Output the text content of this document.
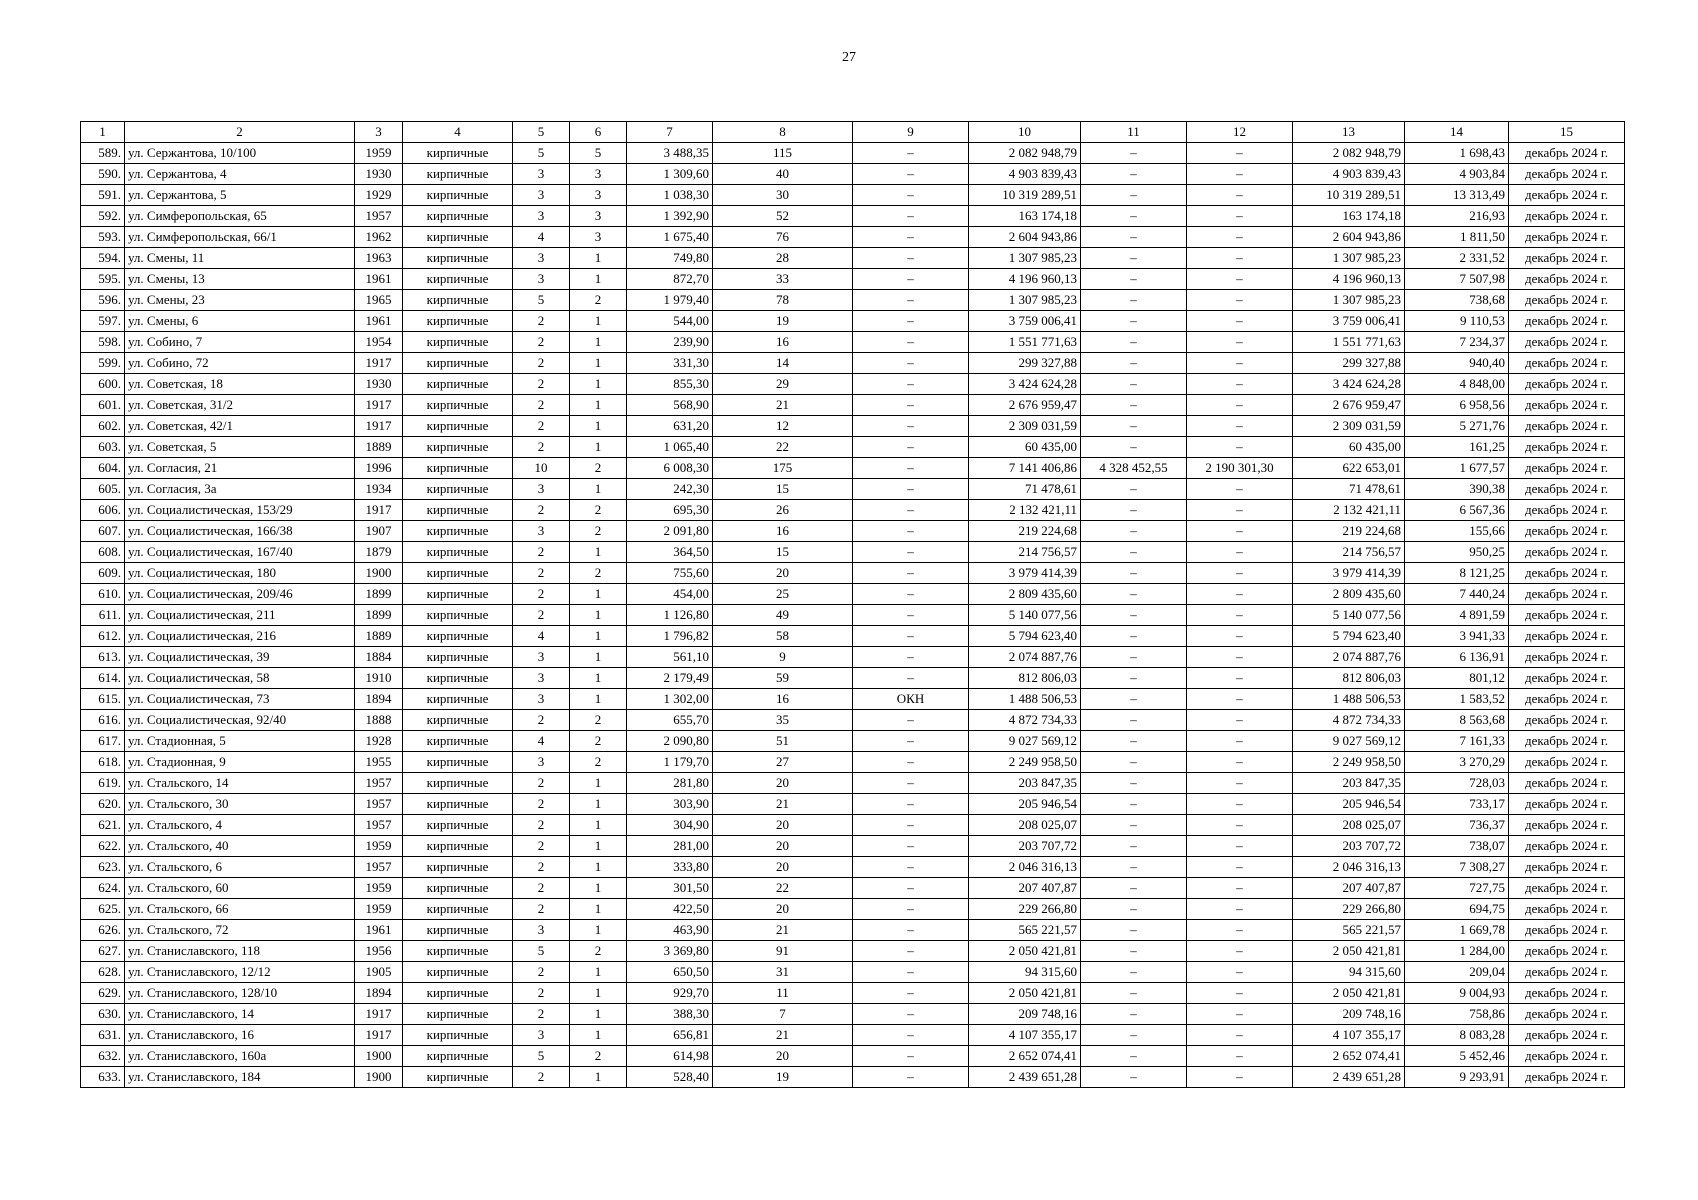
27
1	2	3	4	5	6	7	8	9	10	11	12	13	14	15
589.	ул. Сержантова, 10/100	1959	кирпичные	5	5	3 488,35	115	–	2 082 948,79	–	–	2 082 948,79	1 698,43	декабрь 2024 г.
590.	ул. Сержантова, 4	1930	кирпичные	3	3	1 309,60	40	–	4 903 839,43	–	–	4 903 839,43	4 903,84	декабрь 2024 г.
591.	ул. Сержантова, 5	1929	кирпичные	3	3	1 038,30	30	–	10 319 289,51	–	–	10 319 289,51	13 313,49	декабрь 2024 г.
592.	ул. Симферопольская, 65	1957	кирпичные	3	3	1 392,90	52	–	163 174,18	–	–	163 174,18	216,93	декабрь 2024 г.
593.	ул. Симферопольская, 66/1	1962	кирпичные	4	3	1 675,40	76	–	2 604 943,86	–	–	2 604 943,86	1 811,50	декабрь 2024 г.
594.	ул. Смены, 11	1963	кирпичные	3	1	749,80	28	–	1 307 985,23	–	–	1 307 985,23	2 331,52	декабрь 2024 г.
595.	ул. Смены, 13	1961	кирпичные	3	1	872,70	33	–	4 196 960,13	–	–	4 196 960,13	7 507,98	декабрь 2024 г.
596.	ул. Смены, 23	1965	кирпичные	5	2	1 979,40	78	–	1 307 985,23	–	–	1 307 985,23	738,68	декабрь 2024 г.
597.	ул. Смены, 6	1961	кирпичные	2	1	544,00	19	–	3 759 006,41	–	–	3 759 006,41	9 110,53	декабрь 2024 г.
598.	ул. Собино, 7	1954	кирпичные	2	1	239,90	16	–	1 551 771,63	–	–	1 551 771,63	7 234,37	декабрь 2024 г.
599.	ул. Собино, 72	1917	кирпичные	2	1	331,30	14	–	299 327,88	–	–	299 327,88	940,40	декабрь 2024 г.
600.	ул. Советская, 18	1930	кирпичные	2	1	855,30	29	–	3 424 624,28	–	–	3 424 624,28	4 848,00	декабрь 2024 г.
601.	ул. Советская, 31/2	1917	кирпичные	2	1	568,90	21	–	2 676 959,47	–	–	2 676 959,47	6 958,56	декабрь 2024 г.
602.	ул. Советская, 42/1	1917	кирпичные	2	1	631,20	12	–	2 309 031,59	–	–	2 309 031,59	5 271,76	декабрь 2024 г.
603.	ул. Советская, 5	1889	кирпичные	2	1	1 065,40	22	–	60 435,00	–	–	60 435,00	161,25	декабрь 2024 г.
604.	ул. Согласия, 21	1996	кирпичные	10	2	6 008,30	175	–	7 141 406,86	4 328 452,55	2 190 301,30	622 653,01	1 677,57	декабрь 2024 г.
605.	ул. Согласия, 3а	1934	кирпичные	3	1	242,30	15	–	71 478,61	–	–	71 478,61	390,38	декабрь 2024 г.
606.	ул. Социалистическая, 153/29	1917	кирпичные	2	2	695,30	26	–	2 132 421,11	–	–	2 132 421,11	6 567,36	декабрь 2024 г.
607.	ул. Социалистическая, 166/38	1907	кирпичные	3	2	2 091,80	16	–	219 224,68	–	–	219 224,68	155,66	декабрь 2024 г.
608.	ул. Социалистическая, 167/40	1879	кирпичные	2	1	364,50	15	–	214 756,57	–	–	214 756,57	950,25	декабрь 2024 г.
609.	ул. Социалистическая, 180	1900	кирпичные	2	2	755,60	20	–	3 979 414,39	–	–	3 979 414,39	8 121,25	декабрь 2024 г.
610.	ул. Социалистическая, 209/46	1899	кирпичные	2	1	454,00	25	–	2 809 435,60	–	–	2 809 435,60	7 440,24	декабрь 2024 г.
611.	ул. Социалистическая, 211	1899	кирпичные	2	1	1 126,80	49	–	5 140 077,56	–	–	5 140 077,56	4 891,59	декабрь 2024 г.
612.	ул. Социалистическая, 216	1889	кирпичные	4	1	1 796,82	58	–	5 794 623,40	–	–	5 794 623,40	3 941,33	декабрь 2024 г.
613.	ул. Социалистическая, 39	1884	кирпичные	3	1	561,10	9	–	2 074 887,76	–	–	2 074 887,76	6 136,91	декабрь 2024 г.
614.	ул. Социалистическая, 58	1910	кирпичные	3	1	2 179,49	59	–	812 806,03	–	–	812 806,03	801,12	декабрь 2024 г.
615.	ул. Социалистическая, 73	1894	кирпичные	3	1	1 302,00	16	ОКН	1 488 506,53	–	–	1 488 506,53	1 583,52	декабрь 2024 г.
616.	ул. Социалистическая, 92/40	1888	кирпичные	2	2	655,70	35	–	4 872 734,33	–	–	4 872 734,33	8 563,68	декабрь 2024 г.
617.	ул. Стадионная, 5	1928	кирпичные	4	2	2 090,80	51	–	9 027 569,12	–	–	9 027 569,12	7 161,33	декабрь 2024 г.
618.	ул. Стадионная, 9	1955	кирпичные	3	2	1 179,70	27	–	2 249 958,50	–	–	2 249 958,50	3 270,29	декабрь 2024 г.
619.	ул. Стальского, 14	1957	кирпичные	2	1	281,80	20	–	203 847,35	–	–	203 847,35	728,03	декабрь 2024 г.
620.	ул. Стальского, 30	1957	кирпичные	2	1	303,90	21	–	205 946,54	–	–	205 946,54	733,17	декабрь 2024 г.
621.	ул. Стальского, 4	1957	кирпичные	2	1	304,90	20	–	208 025,07	–	–	208 025,07	736,37	декабрь 2024 г.
622.	ул. Стальского, 40	1959	кирпичные	2	1	281,00	20	–	203 707,72	–	–	203 707,72	738,07	декабрь 2024 г.
623.	ул. Стальского, 6	1957	кирпичные	2	1	333,80	20	–	2 046 316,13	–	–	2 046 316,13	7 308,27	декабрь 2024 г.
624.	ул. Стальского, 60	1959	кирпичные	2	1	301,50	22	–	207 407,87	–	–	207 407,87	727,75	декабрь 2024 г.
625.	ул. Стальского, 66	1959	кирпичные	2	1	422,50	20	–	229 266,80	–	–	229 266,80	694,75	декабрь 2024 г.
626.	ул. Стальского, 72	1961	кирпичные	3	1	463,90	21	–	565 221,57	–	–	565 221,57	1 669,78	декабрь 2024 г.
627.	ул. Станиславского, 118	1956	кирпичные	5	2	3 369,80	91	–	2 050 421,81	–	–	2 050 421,81	1 284,00	декабрь 2024 г.
628.	ул. Станиславского, 12/12	1905	кирпичные	2	1	650,50	31	–	94 315,60	–	–	94 315,60	209,04	декабрь 2024 г.
629.	ул. Станиславского, 128/10	1894	кирпичные	2	1	929,70	11	–	2 050 421,81	–	–	2 050 421,81	9 004,93	декабрь 2024 г.
630.	ул. Станиславского, 14	1917	кирпичные	2	1	388,30	7	–	209 748,16	–	–	209 748,16	758,86	декабрь 2024 г.
631.	ул. Станиславского, 16	1917	кирпичные	3	1	656,81	21	–	4 107 355,17	–	–	4 107 355,17	8 083,28	декабрь 2024 г.
632.	ул. Станиславского, 160а	1900	кирпичные	5	2	614,98	20	–	2 652 074,41	–	–	2 652 074,41	5 452,46	декабрь 2024 г.
633.	ул. Станиславского, 184	1900	кирпичные	2	1	528,40	19	–	2 439 651,28	–	–	2 439 651,28	9 293,91	декабрь 2024 г.
